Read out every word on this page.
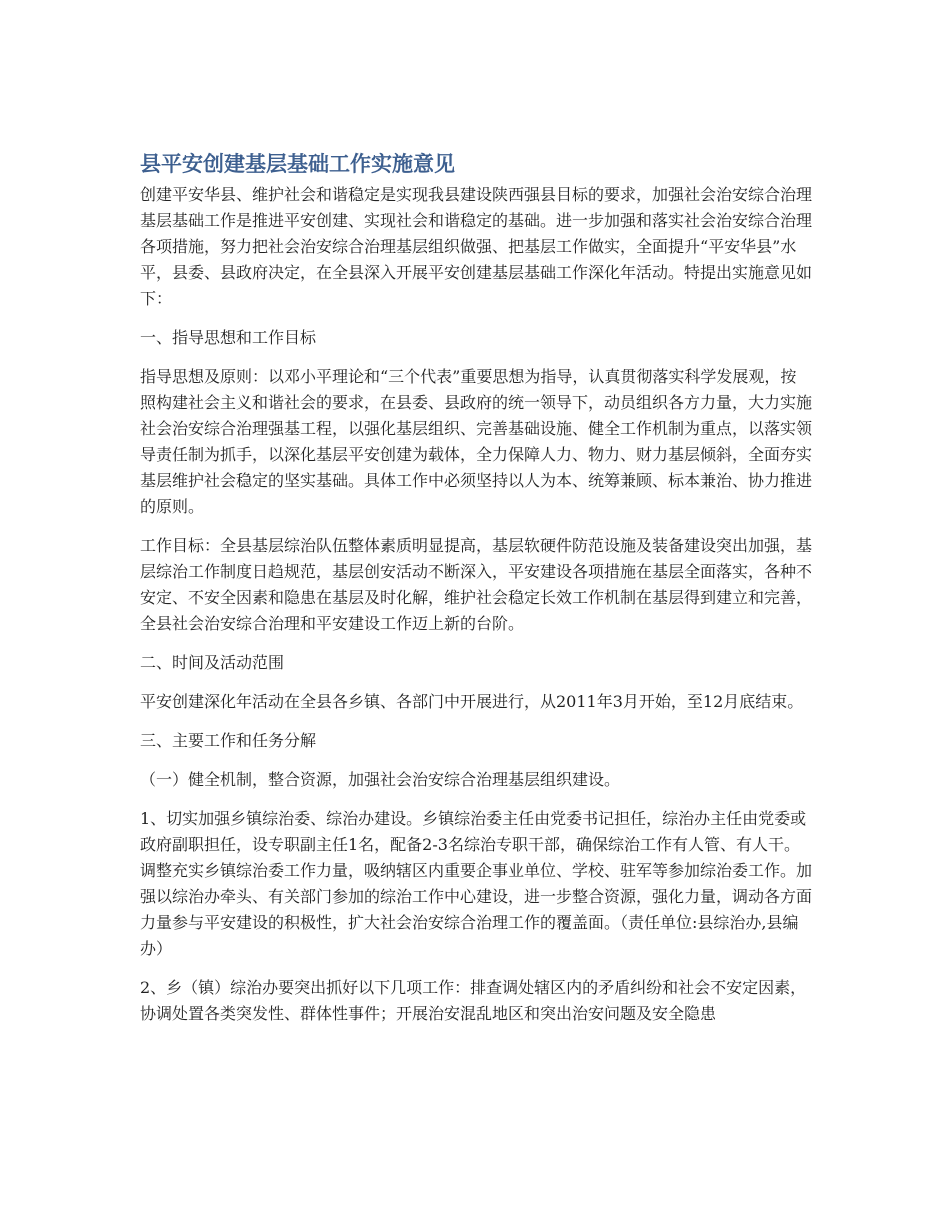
县平安创建基层基础工作实施意见

创建平安华县、维护社会和谐稳定是实现我县建设陕西强县目标的要求，加强社会治安综合治理基层基础工作是推进平安创建、实现社会和谐稳定的基础。进一步加强和落实社会治安综合治理各项措施，努力把社会治安综合治理基层组织做强、把基层工作做实，全面提升“平安华县”水平，县委、县政府决定，在全县深入开展平安创建基层基础工作深化年活动。特提出实施意见如下：

一、指导思想和工作目标

指导思想及原则：以邓小平理论和“三个代表”重要思想为指导，认真贯彻落实科学发展观，按照构建社会主义和谐社会的要求，在县委、县政府的统一领导下，动员组织各方力量，大力实施社会治安综合治理强基工程，以强化基层组织、完善基础设施、健全工作机制为重点，以落实领导责任制为抓手，以深化基层平安创建为载体，全力保障人力、物力、财力基层倾斜，全面夯实基层维护社会稳定的坚实基础。具体工作中必须坚持以人为本、统筹兼顾、标本兼治、协力推进的原则。

工作目标：全县基层综治队伍整体素质明显提高，基层软硬件防范设施及装备建设突出加强，基层综治工作制度日趋规范，基层创安活动不断深入，平安建设各项措施在基层全面落实，各种不安定、不安全因素和隐患在基层及时化解，维护社会稳定长效工作机制在基层得到建立和完善，全县社会治安综合治理和平安建设工作迈上新的台阶。

二、时间及活动范围

平安创建深化年活动在全县各乡镇、各部门中开展进行，从2011年3月开始，至12月底结束。

三、主要工作和任务分解

（一）健全机制，整合资源，加强社会治安综合治理基层组织建设。

1、切实加强乡镇综治委、综治办建设。乡镇综治委主任由党委书记担任，综治办主任由党委或政府副职担任，设专职副主任1名，配备2-3名综治专职干部，确保综治工作有人管、有人干。调整充实乡镇综治委工作力量，吸纳辖区内重要企事业单位、学校、驻军等参加综治委工作。加强以综治办牵头、有关部门参加的综治工作中心建设，进一步整合资源，强化力量，调动各方面力量参与平安建设的积极性，扩大社会治安综合治理工作的覆盖面。（责任单位:县综治办,县编办）

2、乡（镇）综治办要突出抓好以下几项工作：排查调处辖区内的矛盾纠纷和社会不安定因素，协调处置各类突发性、群体性事件；开展治安混乱地区和突出治安问题及安全隐患
